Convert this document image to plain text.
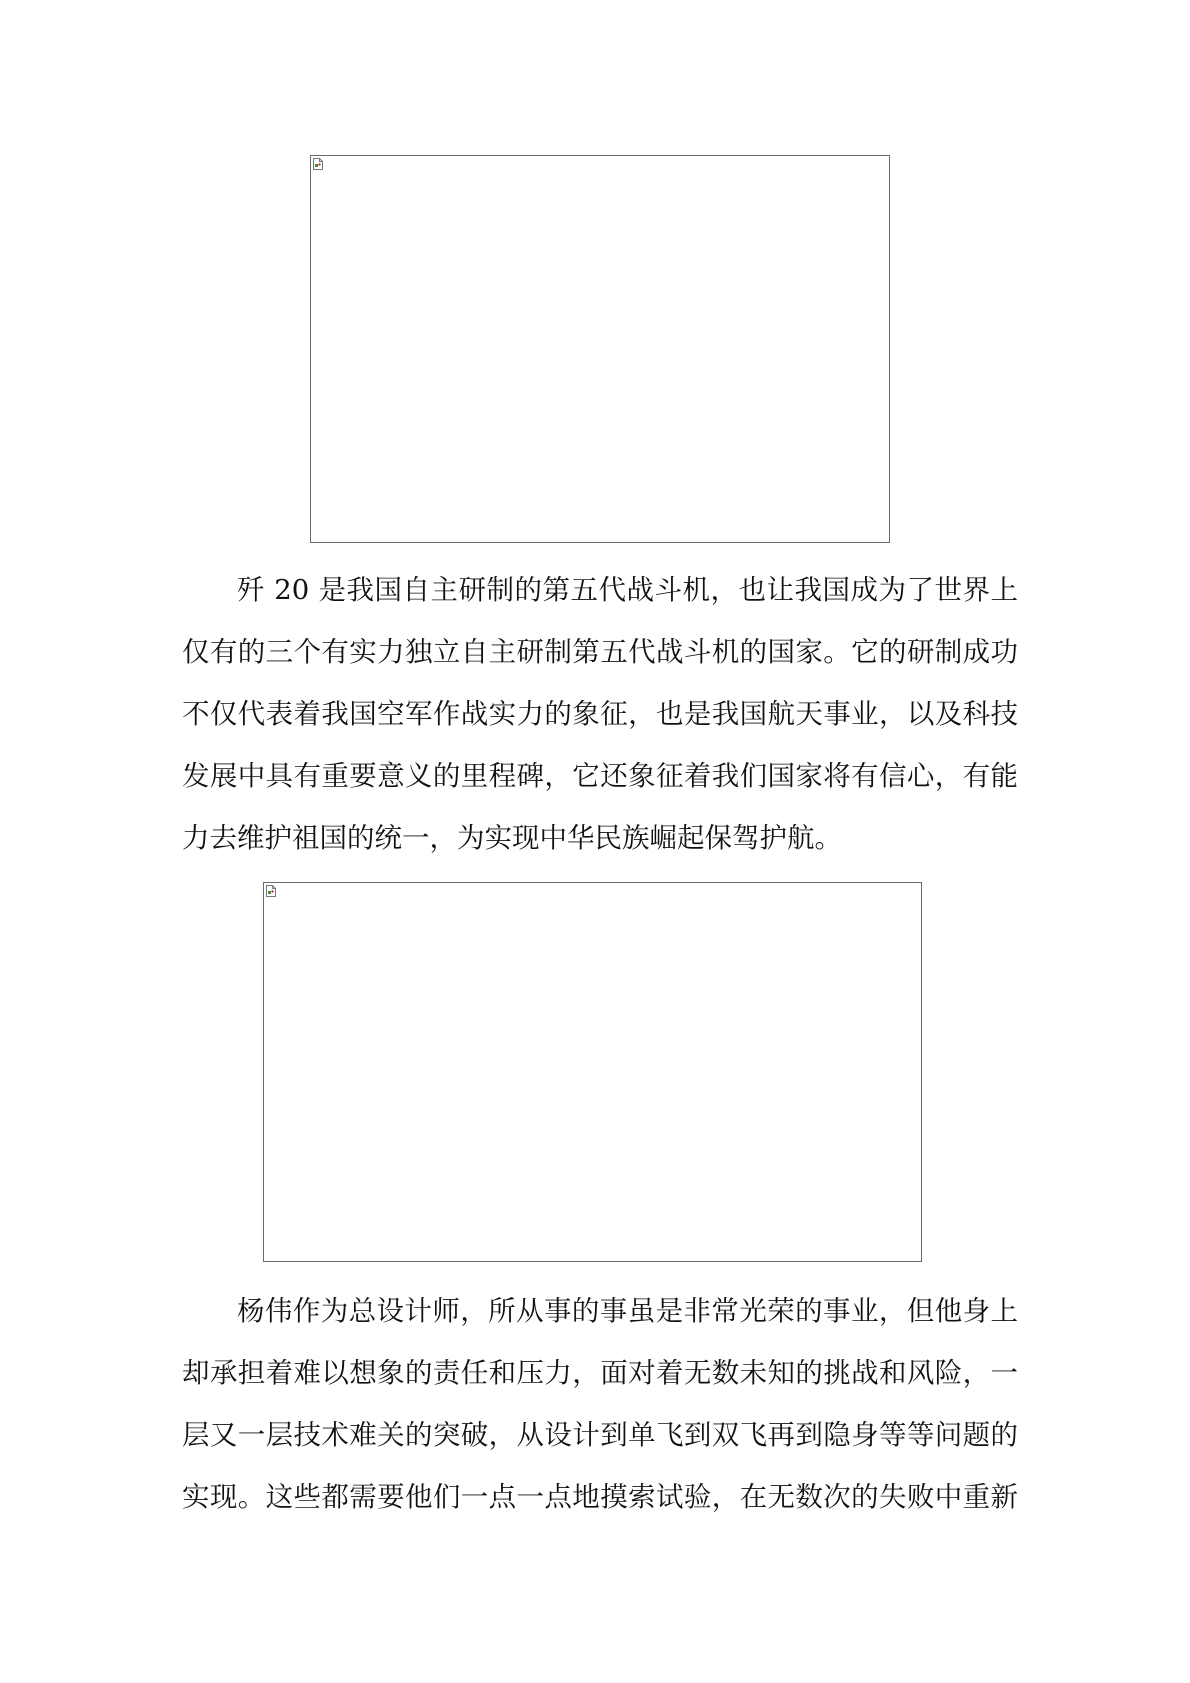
歼 20 是我国自主研制的第五代战斗机，也让我国成为了世界上
仅有的三个有实力独立自主研制第五代战斗机的国家。它的研制成功
不仅代表着我国空军作战实力的象征，也是我国航天事业，以及科技
发展中具有重要意义的里程碑，它还象征着我们国家将有信心，有能
力去维护祖国的统一，为实现中华民族崛起保驾护航。
杨伟作为总设计师，所从事的事虽是非常光荣的事业，但他身上
却承担着难以想象的责任和压力，面对着无数未知的挑战和风险，一
层又一层技术难关的突破，从设计到单飞到双飞再到隐身等等问题的
实现。这些都需要他们一点一点地摸索试验，在无数次的失败中重新
